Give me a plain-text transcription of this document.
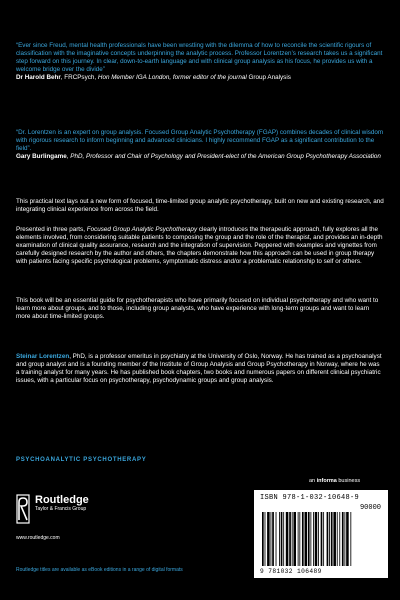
“Ever since Freud, mental health professionals have been wrestling with the dilemma of how to reconcile the scientific rigours of classification with the imaginative concepts underpinning the analytic process. Professor Lorentzen’s research takes us a significant step forward on this journey. In clear, down-to-earth language and with clinical group analysis as his focus, he provides us with a welcome bridge over the divide”

Dr Harold Behr, FRCPsych, Hon Member IGA London, former editor of the journal Group Analysis

“Dr. Lorentzen is an expert on group analysis. Focused Group Analytic Psychotherapy (FGAP) combines decades of clinical wisdom with rigorous research to inform beginning and advanced clinicians. I highly recommend FGAP as a significant contribution to the field”.

Gary Burlingame, PhD, Professor and Chair of Psychology and President-elect of the American Group Psychotherapy Association

This practical text lays out a new form of focused, time-limited group analytic psychotherapy, built on new and existing research, and integrating clinical experience from across the field.

Presented in three parts, Focused Group Analytic Psychotherapy clearly introduces the therapeutic approach, fully explores all the elements involved, from considering suitable patients to composing the group and the role of the therapist, and provides an in-depth examination of clinical quality assurance, research and the integration of supervision. Peppered with examples and vignettes from carefully designed research by the author and others, the chapters demonstrate how this approach can be used in group therapy with patients facing specific psychological problems, symptomatic distress and/or a problematic relationship to self or others.

This book will be an essential guide for psychotherapists who have primarily focused on individual psychotherapy and who want to learn more about groups, and to those, including group analysts, who have experience with long-term groups and want to learn more about time-limited groups.

Steinar Lorentzen, PhD, is a professor emeritus in psychiatry at the University of Oslo, Norway. He has trained as a psychoanalyst and group analyst and is a founding member of the Institute of Group Analysis and Group Psychotherapy in Norway, where he was a training analyst for many years. He has published book chapters, two books and numerous papers on different clinical psychiatric issues, with a particular focus on psychotherapy, psychodynamic groups and group analysis.

PSYCHOANALYTIC PSYCHOTHERAPY
an informa business
Routledge
Taylor & Francis Group
www.routledge.com
Routledge titles are available as eBook editions in a range of digital formats
ISBN 978-1-032-10648-9
90000
9 781032 106489
